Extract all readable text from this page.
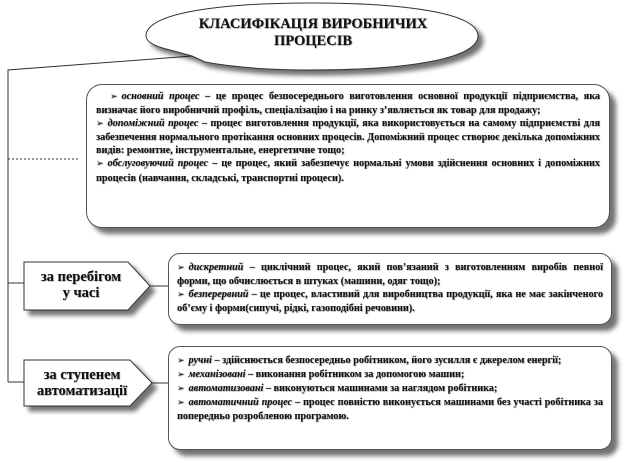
КЛАСИФІКАЦІЯ ВИРОБНИЧИХ
ПРОЦЕСІВ

➢ основний процес – це процес безпосереднього виготовлення основної продукції підприємства, яка визначає його виробничий профіль, спеціалізацію і на ринку з’являється як товар для продажу;

➢ допоміжний процес – процес виготовлення продукції, яка використовується на самому підприємстві для забезпечення нормального протікання основних процесів. Допоміжний процес створює декілька допоміжних видів: ремонтне, інструментальне, енергетичне тощо;

➢ обслуговуючий процес – це процес, який забезпечує нормальні умови здійснення основних і допоміжних процесів (навчання, складські, транспортні процеси).

за перебігом
у часі

➢ дискретний – циклічний процес, який пов’язаний з виготовленням виробів певної форми, що обчислюється в штуках (машини, одяг тощо);

➢ безперервний – це процес, властивий для виробництва продукції, яка не має закінченого об’єму і форми(сипучі, рідкі, газоподібні речовини).

за ступенем
автоматизації

➢ ручні – здійснюється безпосередньо робітником, його зусилля є джерелом енергії;

➢ механізовані – виконання робітником за допомогою машин;

➢ автоматизовані – виконуються машинами за наглядом робітника;

➢ автоматичний процес – процес повністю виконується машинами без участі робітника за попередньо розробленою програмою.
